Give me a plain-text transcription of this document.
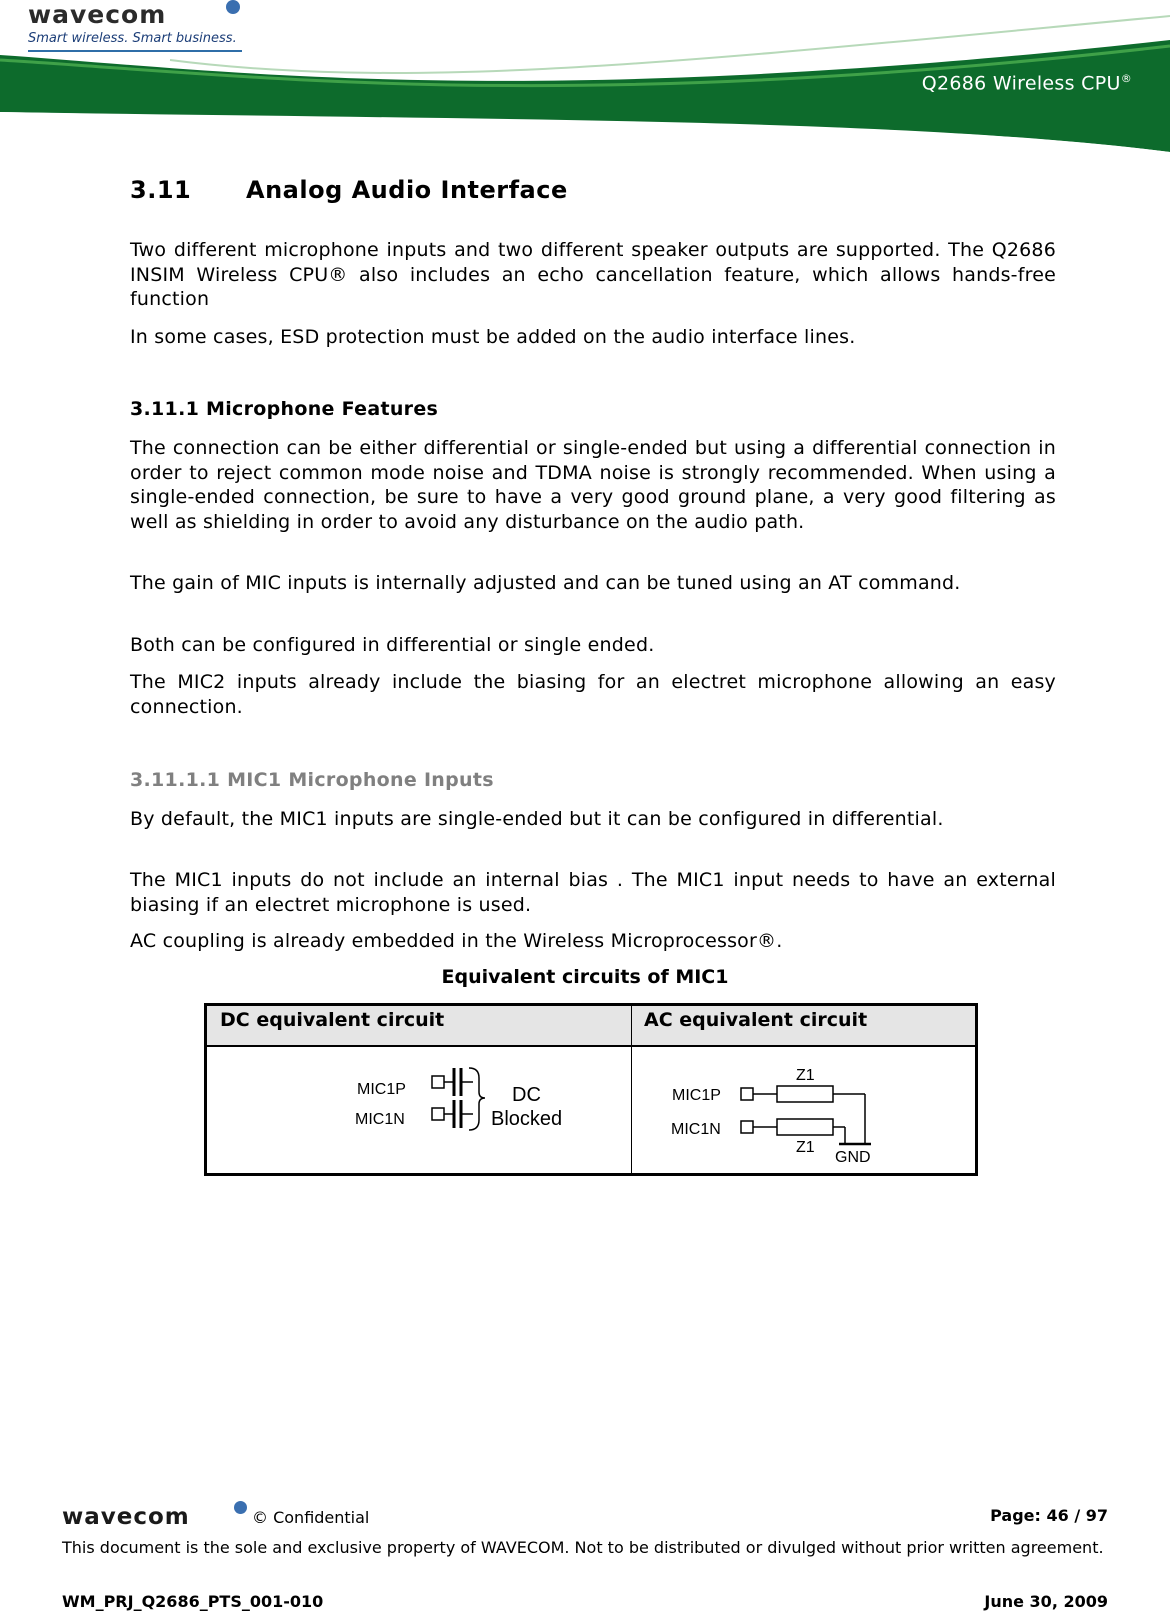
wavecom
Smart wireless. Smart business.
Q2686 Wireless CPU®
3.11 Analog Audio Interface
Two different microphone inputs and two different speaker outputs are supported. The Q2686 INSIM Wireless CPU® also includes an echo cancellation feature, which allows hands-free function
In some cases, ESD protection must be added on the audio interface lines.
3.11.1 Microphone Features
The connection can be either differential or single-ended but using a differential connection in order to reject common mode noise and TDMA noise is strongly recommended. When using a single-ended connection, be sure to have a very good ground plane, a very good filtering as well as shielding in order to avoid any disturbance on the audio path.
The gain of MIC inputs is internally adjusted and can be tuned using an AT command.
Both can be configured in differential or single ended.
The MIC2 inputs already include the biasing for an electret microphone allowing an easy connection.
3.11.1.1 MIC1 Microphone Inputs
By default, the MIC1 inputs are single-ended but it can be configured in differential.
The MIC1 inputs do not include an internal bias . The MIC1 input needs to have an external biasing if an electret microphone is used.
AC coupling is already embedded in the Wireless Microprocessor®.
Equivalent circuits of MIC1
DC equivalent circuit	AC equivalent circuit
MIC1P
MIC1N
DC
Blocked
MIC1P
MIC1N
Z1
Z1
GND
wavecom	© Confidential	Page: 46 / 97
This document is the sole and exclusive property of WAVECOM. Not to be distributed or divulged without prior written agreement.
WM_PRJ_Q2686_PTS_001-010	June 30, 2009
